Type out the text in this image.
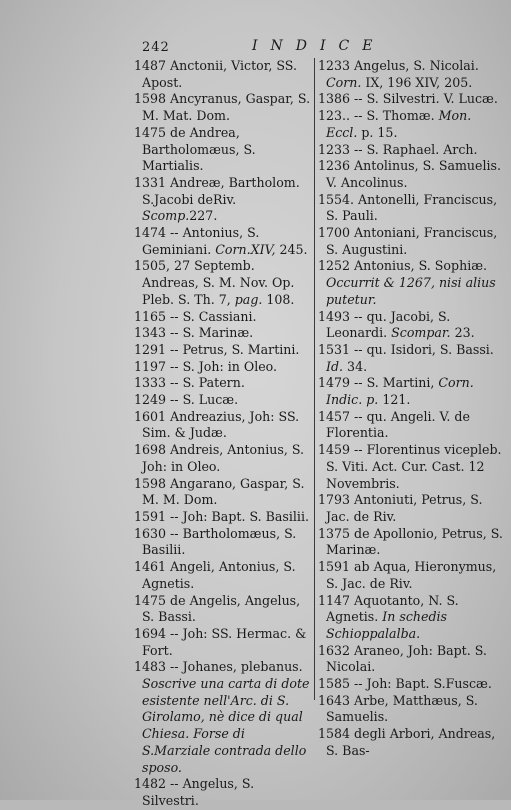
242	INDICE
1487 Anctonii, Victor, SS. Apost.
1598 Ancyranus, Gaspar, S. M. Mat. Dom.
1475 de Andrea, Bartholomæus, S. Martialis.
1331 Andreæ, Bartholom. S.Jacobi deRiv. Scomp.227.
1474 -- Antonius, S. Geminiani. Corn.XIV, 245.
1505, 27 Septemb. Andreas, S. M. Nov. Op. Pleb. S. Th. 7, pag. 108.
1165 -- S. Cassiani.
1343 -- S. Marinæ.
1291 -- Petrus, S. Martini.
1197 -- S. Joh: in Oleo.
1333 -- S. Patern.
1249 -- S. Lucæ.
1601 Andreazius, Joh: SS. Sim. & Judæ.
1698 Andreis, Antonius, S. Joh: in Oleo.
1598 Angarano, Gaspar, S. M. M. Dom.
1591 -- Joh: Bapt. S. Basilii.
1630 -- Bartholomæus, S. Basilii.
1461 Angeli, Antonius, S. Agnetis.
1475 de Angelis, Angelus, S. Bassi.
1694 -- Joh: SS. Hermac. & Fort.
1483 -- Johanes, plebanus. Soscrive una carta di dote esistente nell'Arc. di S. Girolamo, nè dice di qual Chiesa. Forse di S.Marziale contrada dello sposo.
1482 -- Angelus, S. Silvestri.
1233 Angelus, S. Nicolai. Corn. IX, 196 XIV, 205.
1386 -- S. Silvestri. V. Lucæ.
123.. -- S. Thomæ. Mon. Eccl. p. 15.
1233 -- S. Raphael. Arch.
1236 Antolinus, S. Samuelis. V. Ancolinus.
1554. Antonelli, Franciscus, S. Pauli.
1700 Antoniani, Franciscus, S. Augustini.
1252 Antonius, S. Sophiæ. Occurrit & 1267, nisi alius putetur.
1493 -- qu. Jacobi, S. Leonardi. Scompar. 23.
1531 -- qu. Isidori, S. Bassi. Id. 34.
1479 -- S. Martini, Corn. Indic. p. 121.
1457 -- qu. Angeli. V. de Florentia.
1459 -- Florentinus vicepleb. S. Viti. Act. Cur. Cast. 12 Novembris.
1793 Antoniuti, Petrus, S. Jac. de Riv.
1375 de Apollonio, Petrus, S. Marinæ.
1591 ab Aqua, Hieronymus, S. Jac. de Riv.
1147 Aquotanto, N. S. Agnetis. In schedis Schioppalalba.
1632 Araneo, Joh: Bapt. S. Nicolai.
1585 -- Joh: Bapt. S.Fuscæ.
1643 Arbe, Matthæus, S. Samuelis.
1584 degli Arbori, Andreas, S. Bas-
